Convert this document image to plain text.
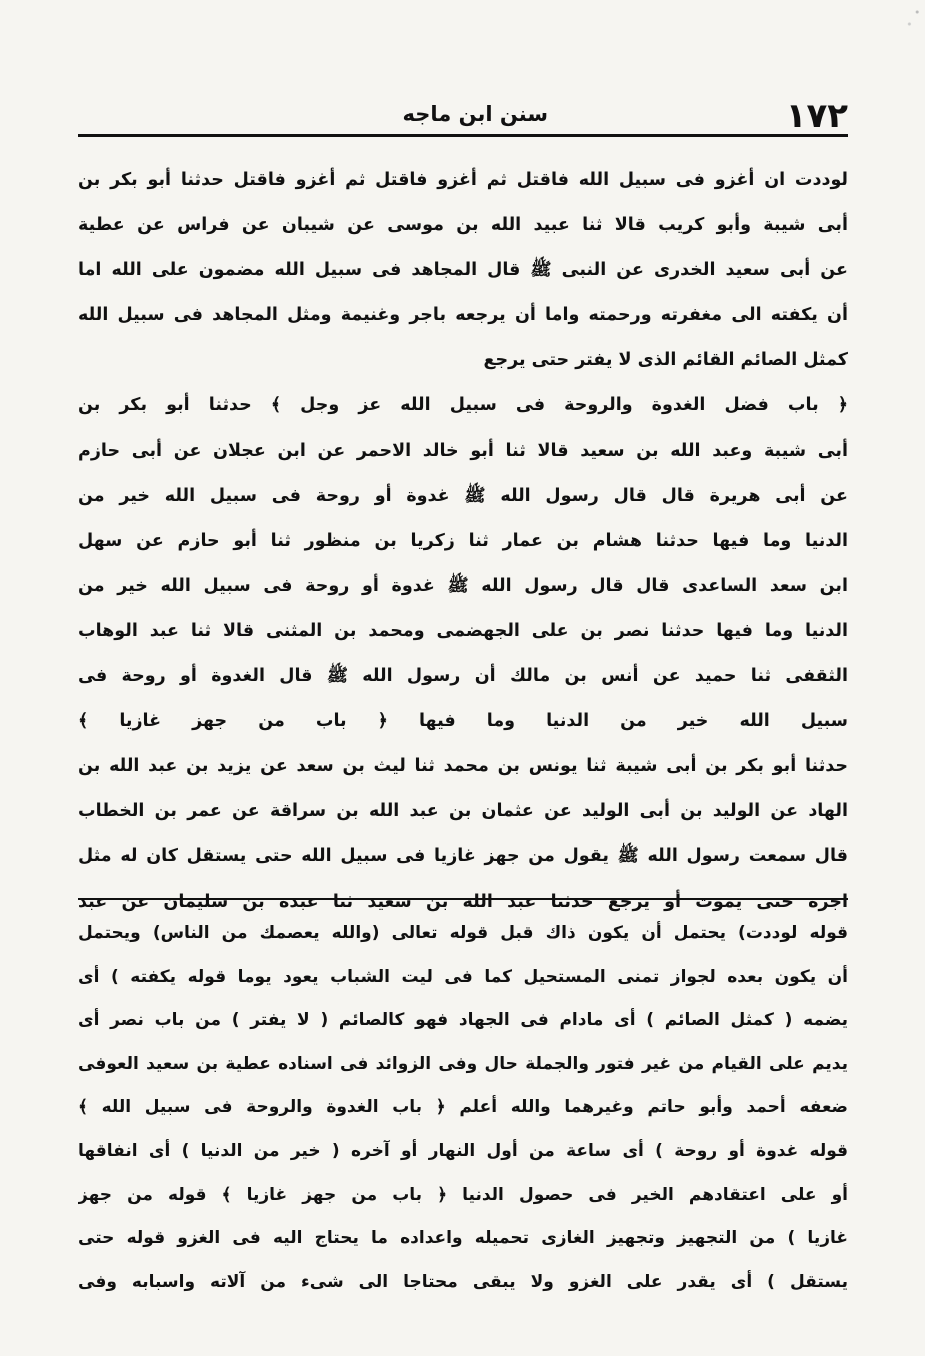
١٧٢
سنن ابن ماجه
لوددت ان أغزو فى سبيل الله فاقتل ثم أغزو فاقتل ثم أغزو فاقتل حدثنا أبو بكر بن
أبى شيبة وأبو كريب قالا ثنا عبيد الله بن موسى عن شيبان عن فراس عن عطية
عن أبى سعيد الخدرى عن النبى ﷺ قال المجاهد فى سبيل الله مضمون على الله اما
أن يكفته الى مغفرته ورحمته واما أن يرجعه باجر وغنيمة ومثل المجاهد فى سبيل الله
كمثل الصائم القائم الذى لا يفتر حتى يرجع
﴿ باب فضل الغدوة والروحة فى سبيل الله عز وجل ﴾ حدثنا أبو بكر بن
أبى شيبة وعبد الله بن سعيد قالا ثنا أبو خالد الاحمر عن ابن عجلان عن أبى حازم
عن أبى هريرة قال قال رسول الله ﷺ غدوة أو روحة فى سبيل الله خير من
الدنيا وما فيها حدثنا هشام بن عمار ثنا زكريا بن منظور ثنا أبو حازم عن سهل
ابن سعد الساعدى قال قال رسول الله ﷺ غدوة أو روحة فى سبيل الله خير من
الدنيا وما فيها حدثنا نصر بن على الجهضمى ومحمد بن المثنى قالا ثنا عبد الوهاب
الثقفى ثنا حميد عن أنس بن مالك أن رسول الله ﷺ قال الغدوة أو روحة فى
سبيل الله خير من الدنيا وما فيها ﴿ باب من جهز غازيا ﴾
حدثنا أبو بكر بن أبى شيبة ثنا يونس بن محمد ثنا ليث بن سعد عن يزيد بن عبد الله بن
الهاد عن الوليد بن أبى الوليد عن عثمان بن عبد الله بن سراقة عن عمر بن الخطاب
قال سمعت رسول الله ﷺ يقول من جهز غازيا فى سبيل الله حتى يستقل كان له مثل
اجره حتى يموت أو يرجع حدثنا عبد الله بن سعيد ثنا عبدة بن سليمان عن عبد
قوله لوددت) يحتمل أن يكون ذاك قبل قوله تعالى (والله يعصمك من الناس) ويحتمل
أن يكون بعده لجواز تمنى المستحيل كما فى ليت الشباب يعود يوما قوله يكفته ) أى
يضمه ( كمثل الصائم ) أى مادام فى الجهاد فهو كالصائم ( لا يفتر ) من باب نصر أى
يديم على القيام من غير فتور والجملة حال وفى الزوائد فى اسناده عطية بن سعيد العوفى
ضعفه أحمد وأبو حاتم وغيرهما والله أعلم ﴿ باب الغدوة والروحة فى سبيل الله ﴾
قوله غدوة أو روحة ) أى ساعة من أول النهار أو آخره ( خير من الدنيا ) أى انفاقها
أو على اعتقادهم الخير فى حصول الدنيا ﴿ باب من جهز غازيا ﴾ قوله من جهز
غازيا ) من التجهيز وتجهيز الغازى تحميله واعداده ما يحتاج اليه فى الغزو قوله حتى
يستقل ) أى يقدر على الغزو ولا يبقى محتاجا الى شىء من آلاته واسبابه وفى
